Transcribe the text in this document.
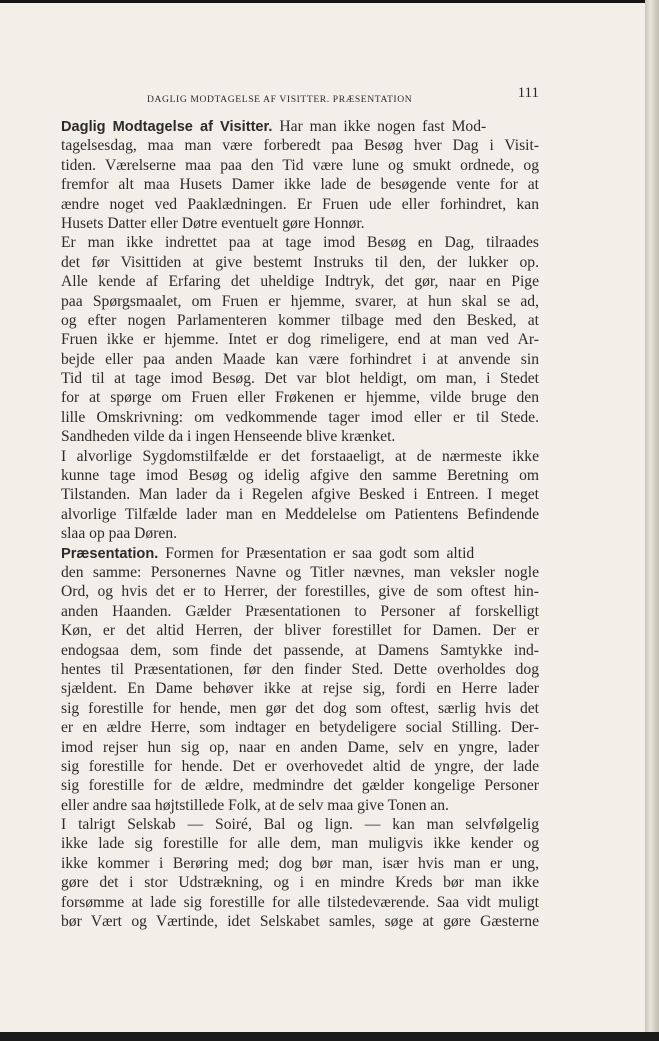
DAGLIG MODTAGELSE AF VISITTER. PRÆSENTATION	111
Daglig Modtagelse af Visitter. Har man ikke nogen fast Mod-
tagelsesdag, maa man være forberedt paa Besøg hver Dag i Visit-
tiden. Værelserne maa paa den Tid være lune og smukt ordnede, og
fremfor alt maa Husets Damer ikke lade de besøgende vente for at
ændre noget ved Paaklædningen. Er Fruen ude eller forhindret, kan
Husets Datter eller Døtre eventuelt gøre Honnør.
Er man ikke indrettet paa at tage imod Besøg en Dag, tilraades
det før Visittiden at give bestemt Instruks til den, der lukker op.
Alle kende af Erfaring det uheldige Indtryk, det gør, naar en Pige
paa Spørgsmaalet, om Fruen er hjemme, svarer, at hun skal se ad,
og efter nogen Parlamenteren kommer tilbage med den Besked, at
Fruen ikke er hjemme. Intet er dog rimeligere, end at man ved Ar-
bejde eller paa anden Maade kan være forhindret i at anvende sin
Tid til at tage imod Besøg. Det var blot heldigt, om man, i Stedet
for at spørge om Fruen eller Frøkenen er hjemme, vilde bruge den
lille Omskrivning: om vedkommende tager imod eller er til Stede.
Sandheden vilde da i ingen Henseende blive krænket.
I alvorlige Sygdomstilfælde er det forstaaeligt, at de nærmeste ikke
kunne tage imod Besøg og idelig afgive den samme Beretning om
Tilstanden. Man lader da i Regelen afgive Besked i Entreen. I meget
alvorlige Tilfælde lader man en Meddelelse om Patientens Befindende
slaa op paa Døren.
Præsentation. Formen for Præsentation er saa godt som altid
den samme: Personernes Navne og Titler nævnes, man veksler nogle
Ord, og hvis det er to Herrer, der forestilles, give de som oftest hin-
anden Haanden. Gælder Præsentationen to Personer af forskelligt
Køn, er det altid Herren, der bliver forestillet for Damen. Der er
endogsaa dem, som finde det passende, at Damens Samtykke ind-
hentes til Præsentationen, før den finder Sted. Dette overholdes dog
sjældent. En Dame behøver ikke at rejse sig, fordi en Herre lader
sig forestille for hende, men gør det dog som oftest, særlig hvis det
er en ældre Herre, som indtager en betydeligere social Stilling. Der-
imod rejser hun sig op, naar en anden Dame, selv en yngre, lader
sig forestille for hende. Det er overhovedet altid de yngre, der lade
sig forestille for de ældre, medmindre det gælder kongelige Personer
eller andre saa højtstillede Folk, at de selv maa give Tonen an.
I talrigt Selskab — Soiré, Bal og lign. — kan man selvfølgelig
ikke lade sig forestille for alle dem, man muligvis ikke kender og
ikke kommer i Berøring med; dog bør man, især hvis man er ung,
gøre det i stor Udstrækning, og i en mindre Kreds bør man ikke
forsømme at lade sig forestille for alle tilstedeværende. Saa vidt muligt
bør Vært og Værtinde, idet Selskabet samles, søge at gøre Gæsterne
